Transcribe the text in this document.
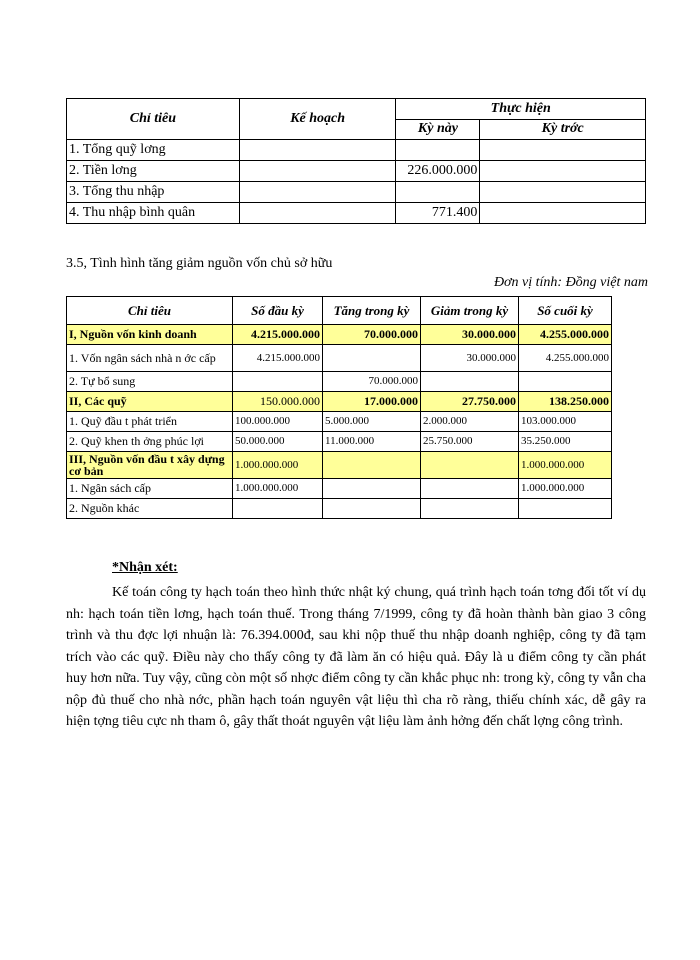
Chỉ tiêu	Kế hoạch	Thực hiện	
		Kỳ này	Kỳ trớc
1. Tổng quỹ lơng			
2. Tiền lơng		226.000.000	
3. Tổng thu nhập			
4. Thu nhập bình quân		771.400	
3.5, Tình hình tăng giảm nguồn vốn chủ sở hữu
Đơn vị tính: Đồng việt nam
Chỉ tiêu	Số đầu kỳ	Tăng trong kỳ	Giảm trong kỳ	Số cuối kỳ
I, Nguồn vốn kinh doanh	4.215.000.000	70.000.000	30.000.000	4.255.000.000
1. Vốn ngân sách nhà n ớc cấp	4.215.000.000		30.000.000	4.255.000.000
2. Tự bổ sung		70.000.000		
II, Các quỹ	150.000.000	17.000.000	27.750.000	138.250.000
1. Quỹ đầu t phát triển	100.000.000	5.000.000	2.000.000	103.000.000
2. Quỹ khen th ởng phúc lợi	50.000.000	11.000.000	25.750.000	35.250.000
III, Nguồn vốn đầu t xây dựng cơ bản	1.000.000.000			1.000.000.000
1. Ngân sách cấp	1.000.000.000			1.000.000.000
2. Nguồn khác				
*Nhận xét:

Kế toán công ty hạch toán theo hình thức nhật ký chung, quá trình hạch toán tơng đối tốt ví dụ nh: hạch toán tiền lơng, hạch toán thuế. Trong tháng 7/1999, công ty đã hoàn thành bàn giao 3 công trình và thu đợc lợi nhuận là: 76.394.000đ, sau khi nộp thuế thu nhập doanh nghiệp, công ty đã tạm trích vào các quỹ. Điều này cho thấy công ty đã làm ăn có hiệu quả. Đây là u điểm công ty cần phát huy hơn nữa. Tuy vậy, cũng còn một số nhợc điểm công ty cần khắc phục nh: trong kỳ, công ty vẫn cha nộp đủ thuế cho nhà nớc, phần hạch toán nguyên vật liệu thì cha rõ ràng, thiếu chính xác, dễ gây ra hiện tợng tiêu cực nh tham ô, gây thất thoát nguyên vật liệu làm ảnh hởng đến chất lợng công trình.
